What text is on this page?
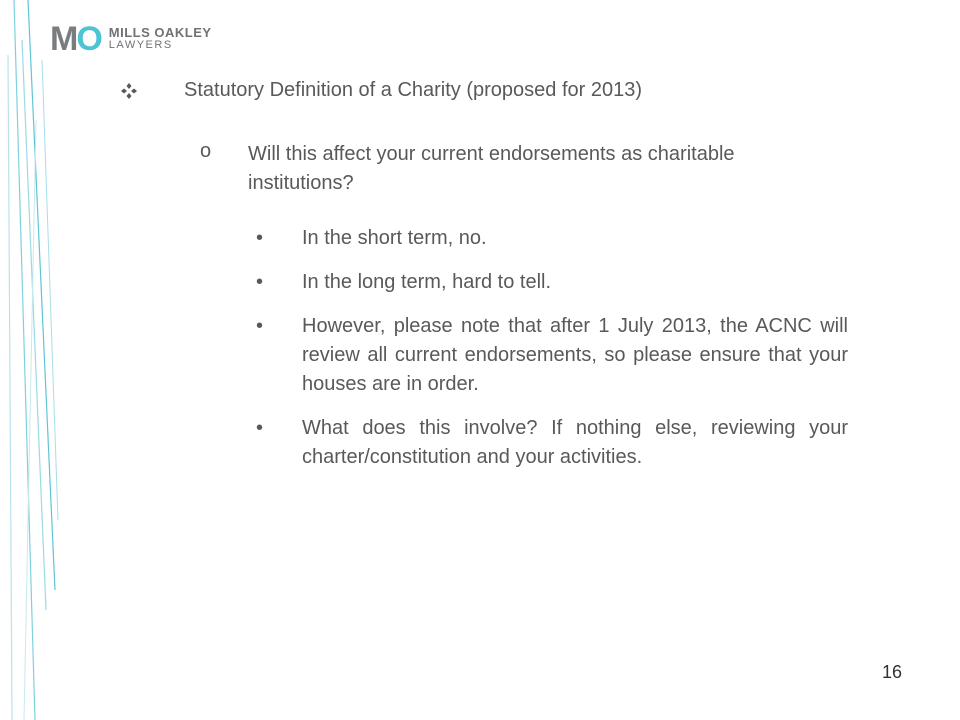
M O MILLS OAKLEY
LAWYERS
Statutory Definition of a Charity (proposed for 2013)
o	Will this affect your current endorsements as charitable institutions?
•	In the short term, no.
•	In the long term, hard to tell.
•	However, please note that after 1 July 2013, the ACNC will review all current endorsements, so please ensure that your houses are in order.
•	What does this involve? If nothing else, reviewing your charter/constitution and your activities.
16
